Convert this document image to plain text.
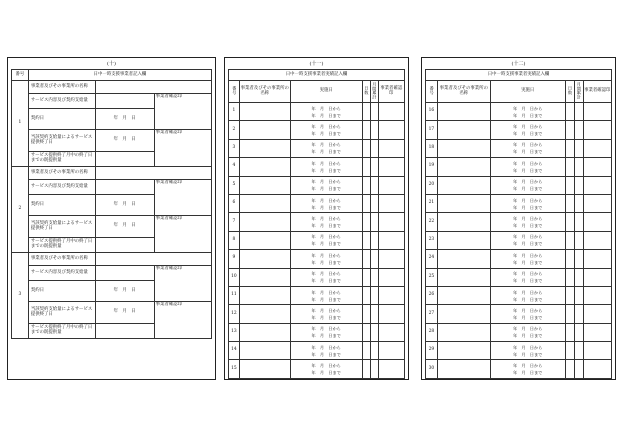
(十)
番号	日中一時支援事業者記入欄		
1	事業者及びその事業所の名称		
	サービス内容及び契約支給量		事業者確認印
	契約日	年　月　日	
	当該契約支給量によるサービス提供終了日	年　月　日	事業者確認印
	サービス提供終了月中の終了日までの既提供量		
2	事業者及びその事業所の名称		
	サービス内容及び契約支給量		事業者確認印
	契約日	年　月　日	
	当該契約支給量によるサービス提供終了日	年　月　日	事業者確認印
	サービス提供終了月中の終了日までの既提供量		
3	事業者及びその事業所の名称		
	サービス内容及び契約支給量		事業者確認印
	契約日	年　月　日	
	当該契約支給量によるサービス提供終了日	年　月　日	事業者確認印
	サービス提供終了月中の終了日までの既提供量		
(十一)
日中一時支援事業者実績記入欄					
番号	事業者及びその事業所の名称	実施日	日数	月間累計	事業者確認印
1		年　月　日から
年　月　日まで			

2		年　月　日から
年　月　日まで			

3		年　月　日から
年　月　日まで			

4		年　月　日から
年　月　日まで			

5		年　月　日から
年　月　日まで			

6		年　月　日から
年　月　日まで			

7		年　月　日から
年　月　日まで			

8		年　月　日から
年　月　日まで			

9		年　月　日から
年　月　日まで			

10		年　月　日から
年　月　日まで			

11		年　月　日から
年　月　日まで			

12		年　月　日から
年　月　日まで			

13		年　月　日から
年　月　日まで			

14		年　月　日から
年　月　日まで			

15		年　月　日から
年　月　日まで			

(十二)
日中一時支援事業者実績記入欄					
番号	事業者及びその事業所の名称	実施日	日数	月間累計	事業者確認印
16		年　月　日から
年　月　日まで			

17		年　月　日から
年　月　日まで			

18		年　月　日から
年　月　日まで			

19		年　月　日から
年　月　日まで			

20		年　月　日から
年　月　日まで			

21		年　月　日から
年　月　日まで			

22		年　月　日から
年　月　日まで			

23		年　月　日から
年　月　日まで			

24		年　月　日から
年　月　日まで			

25		年　月　日から
年　月　日まで			

26		年　月　日から
年　月　日まで			

27		年　月　日から
年　月　日まで			

28		年　月　日から
年　月　日まで			

29		年　月　日から
年　月　日まで			

30		年　月　日から
年　月　日まで			
